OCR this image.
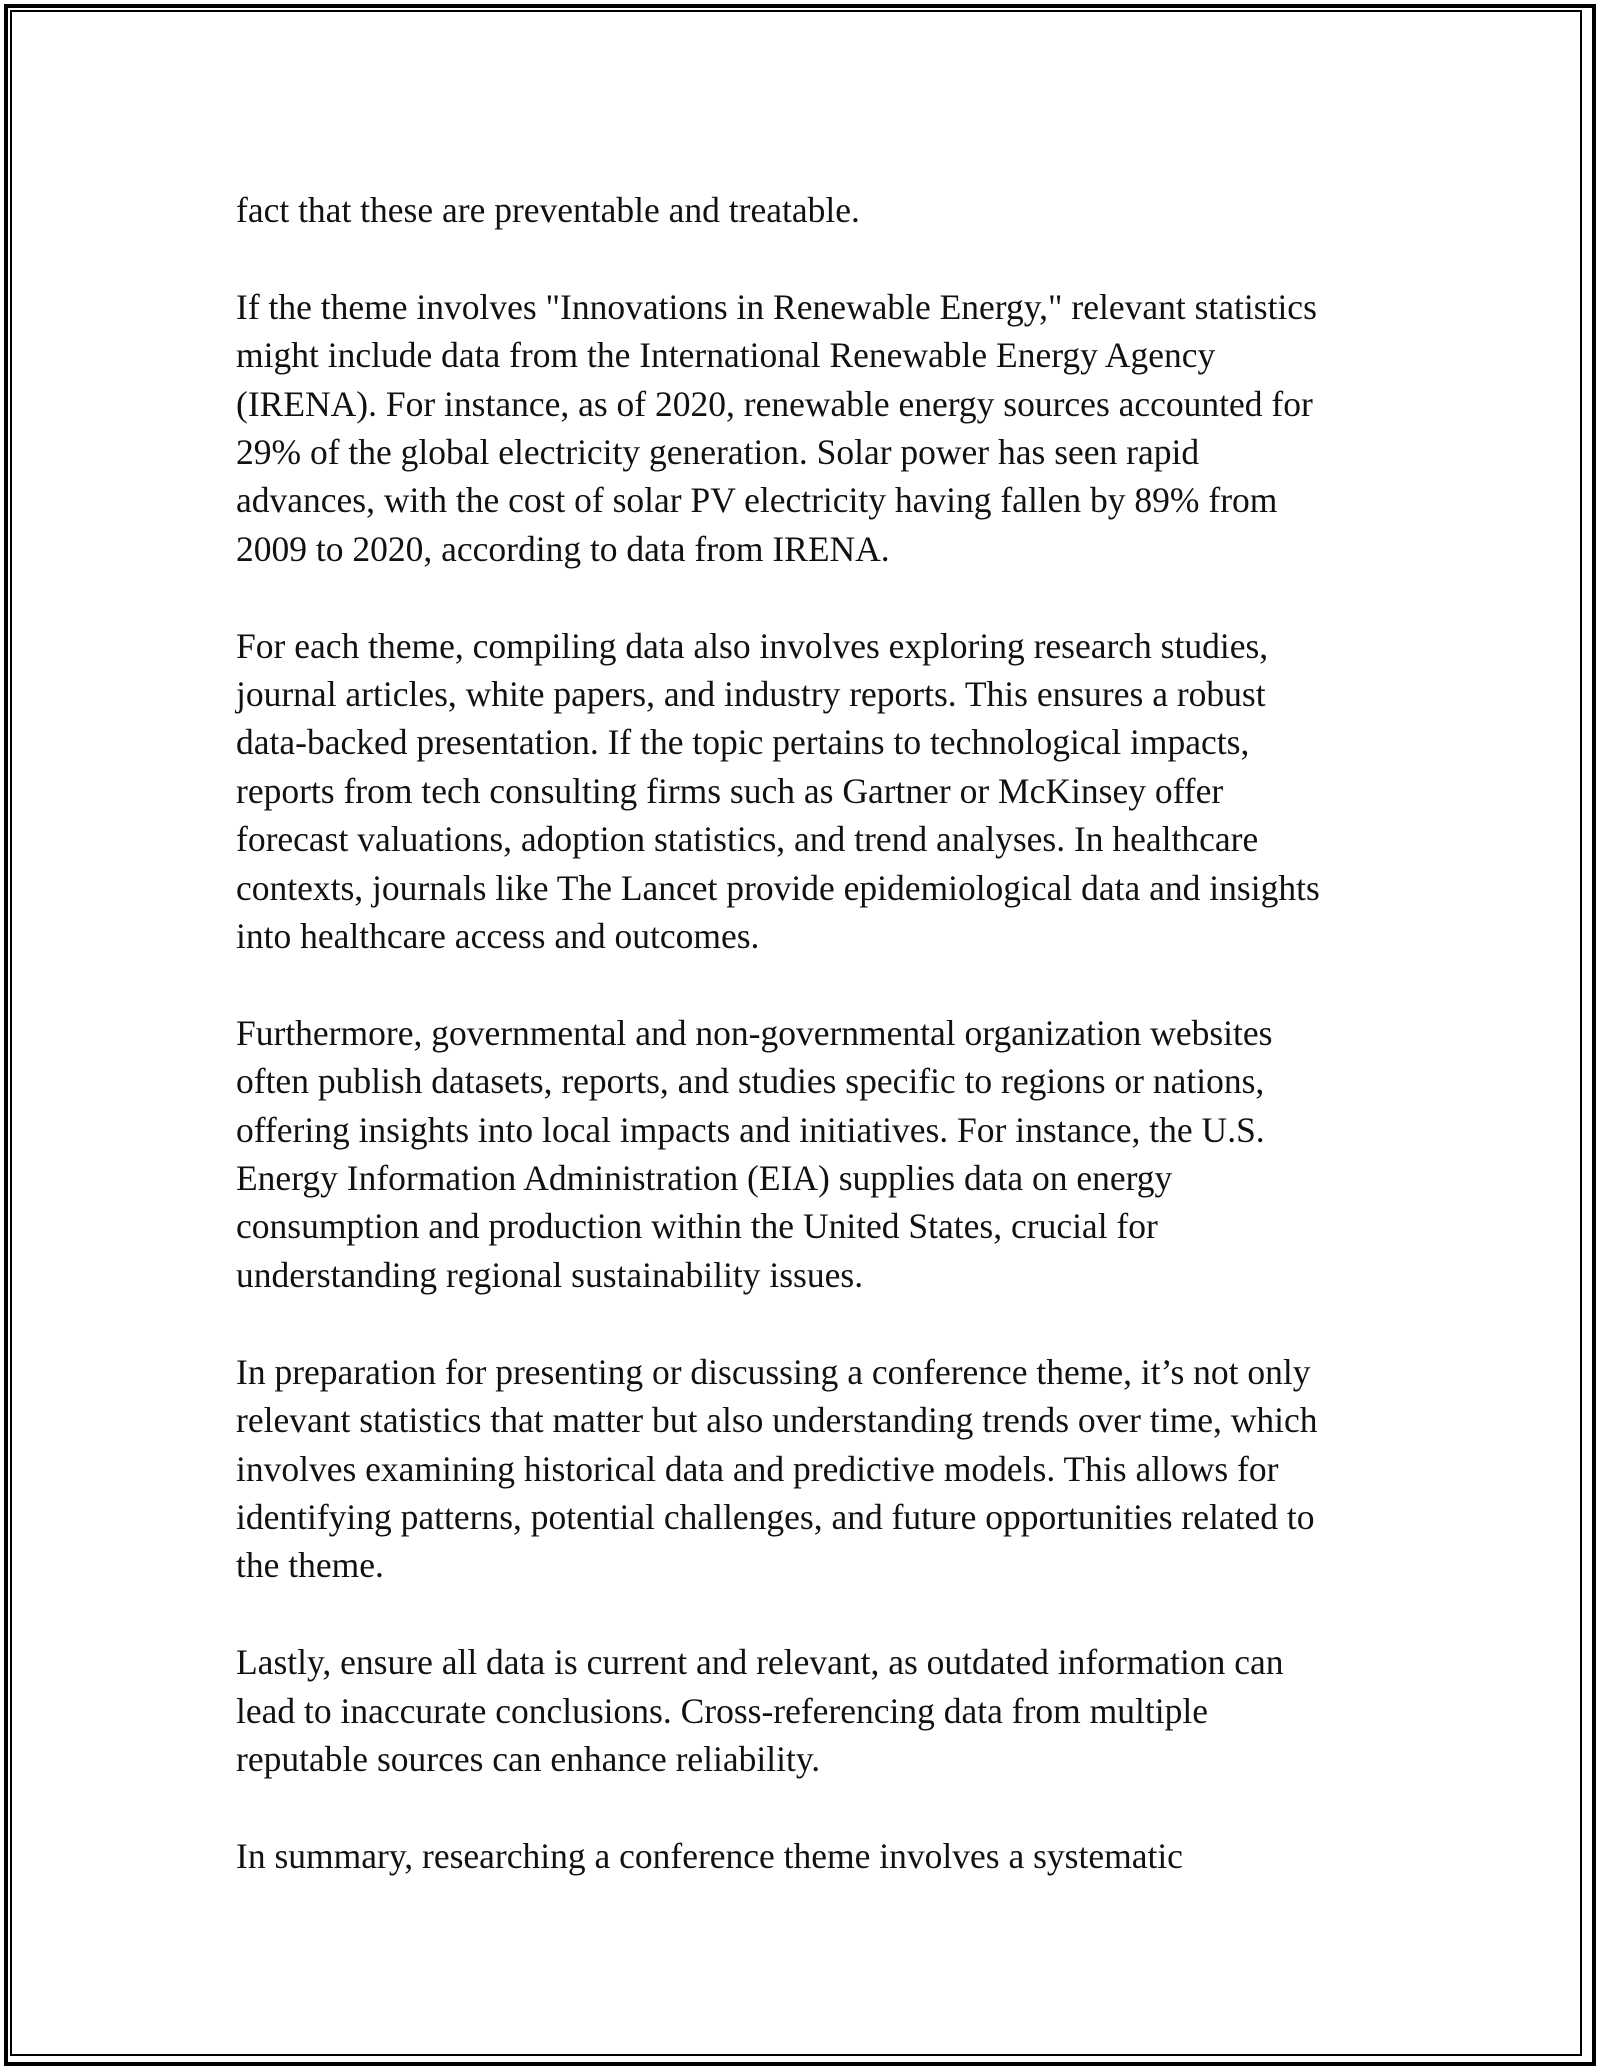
fact that these are preventable and treatable.

If the theme involves "Innovations in Renewable Energy," relevant statistics
might include data from the International Renewable Energy Agency
(IRENA). For instance, as of 2020, renewable energy sources accounted for
29% of the global electricity generation. Solar power has seen rapid
advances, with the cost of solar PV electricity having fallen by 89% from
2009 to 2020, according to data from IRENA.

For each theme, compiling data also involves exploring research studies,
journal articles, white papers, and industry reports. This ensures a robust
data-backed presentation. If the topic pertains to technological impacts,
reports from tech consulting firms such as Gartner or McKinsey offer
forecast valuations, adoption statistics, and trend analyses. In healthcare
contexts, journals like The Lancet provide epidemiological data and insights
into healthcare access and outcomes.

Furthermore, governmental and non-governmental organization websites
often publish datasets, reports, and studies specific to regions or nations,
offering insights into local impacts and initiatives. For instance, the U.S.
Energy Information Administration (EIA) supplies data on energy
consumption and production within the United States, crucial for
understanding regional sustainability issues.

In preparation for presenting or discussing a conference theme, it’s not only
relevant statistics that matter but also understanding trends over time, which
involves examining historical data and predictive models. This allows for
identifying patterns, potential challenges, and future opportunities related to
the theme.

Lastly, ensure all data is current and relevant, as outdated information can
lead to inaccurate conclusions. Cross-referencing data from multiple
reputable sources can enhance reliability.

In summary, researching a conference theme involves a systematic
